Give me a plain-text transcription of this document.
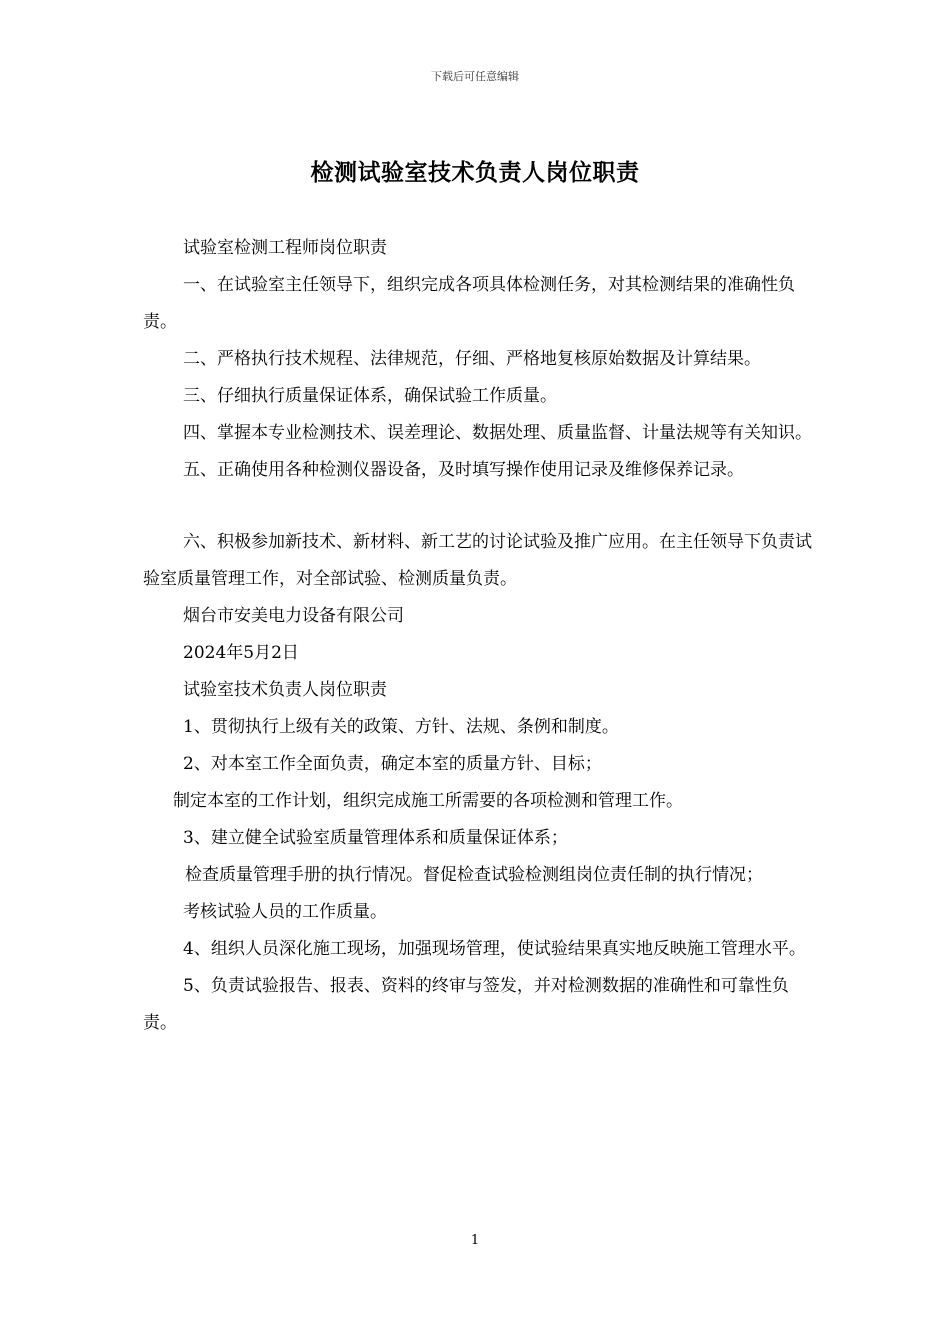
下载后可任意编辑
检测试验室技术负责人岗位职责

试验室检测工程师岗位职责

一、在试验室主任领导下，组织完成各项具体检测任务，对其检测结果的准确性负责。

二、严格执行技术规程、法律规范，仔细、严格地复核原始数据及计算结果。

三、仔细执行质量保证体系，确保试验工作质量。

四、掌握本专业检测技术、误差理论、数据处理、质量监督、计量法规等有关知识。

五、正确使用各种检测仪器设备，及时填写操作使用记录及维修保养记录。

六、积极参加新技术、新材料、新工艺的讨论试验及推广应用。在主任领导下负责试验室质量管理工作，对全部试验、检测质量负责。

烟台市安美电力设备有限公司

2024年5月2日

试验室技术负责人岗位职责

1、贯彻执行上级有关的政策、方针、法规、条例和制度。

2、对本室工作全面负责，确定本室的质量方针、目标；

制定本室的工作计划，组织完成施工所需要的各项检测和管理工作。

3、建立健全试验室质量管理体系和质量保证体系；

检查质量管理手册的执行情况。督促检查试验检测组岗位责任制的执行情况；

考核试验人员的工作质量。

4、组织人员深化施工现场，加强现场管理，使试验结果真实地反映施工管理水平。

5、负责试验报告、报表、资料的终审与签发，并对检测数据的准确性和可靠性负责。

1
